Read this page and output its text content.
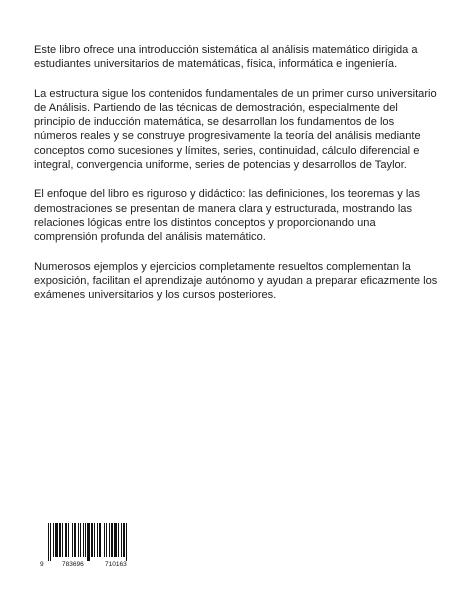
Este libro ofrece una introducción sistemática al análisis matemático dirigida a estudiantes universitarios de matemáticas, física, informática e ingeniería.

La estructura sigue los contenidos fundamentales de un primer curso universitario de Análisis. Partiendo de las técnicas de demostración, especialmente del principio de inducción matemática, se desarrollan los fundamentos de los números reales y se construye progresivamente la teoría del análisis mediante conceptos como sucesiones y límites, series, continuidad, cálculo diferencial e integral, convergencia uniforme, series de potencias y desarrollos de Taylor.

El enfoque del libro es riguroso y didáctico: las definiciones, los teoremas y las demostraciones se presentan de manera clara y estructurada, mostrando las relaciones lógicas entre los distintos conceptos y proporcionando una comprensión profunda del análisis matemático.

Numerosos ejemplos y ejercicios completamente resueltos complementan la exposición, facilitan el aprendizaje autónomo y ayudan a preparar eficazmente los exámenes universitarios y los cursos posteriores.

9	783696	710163
